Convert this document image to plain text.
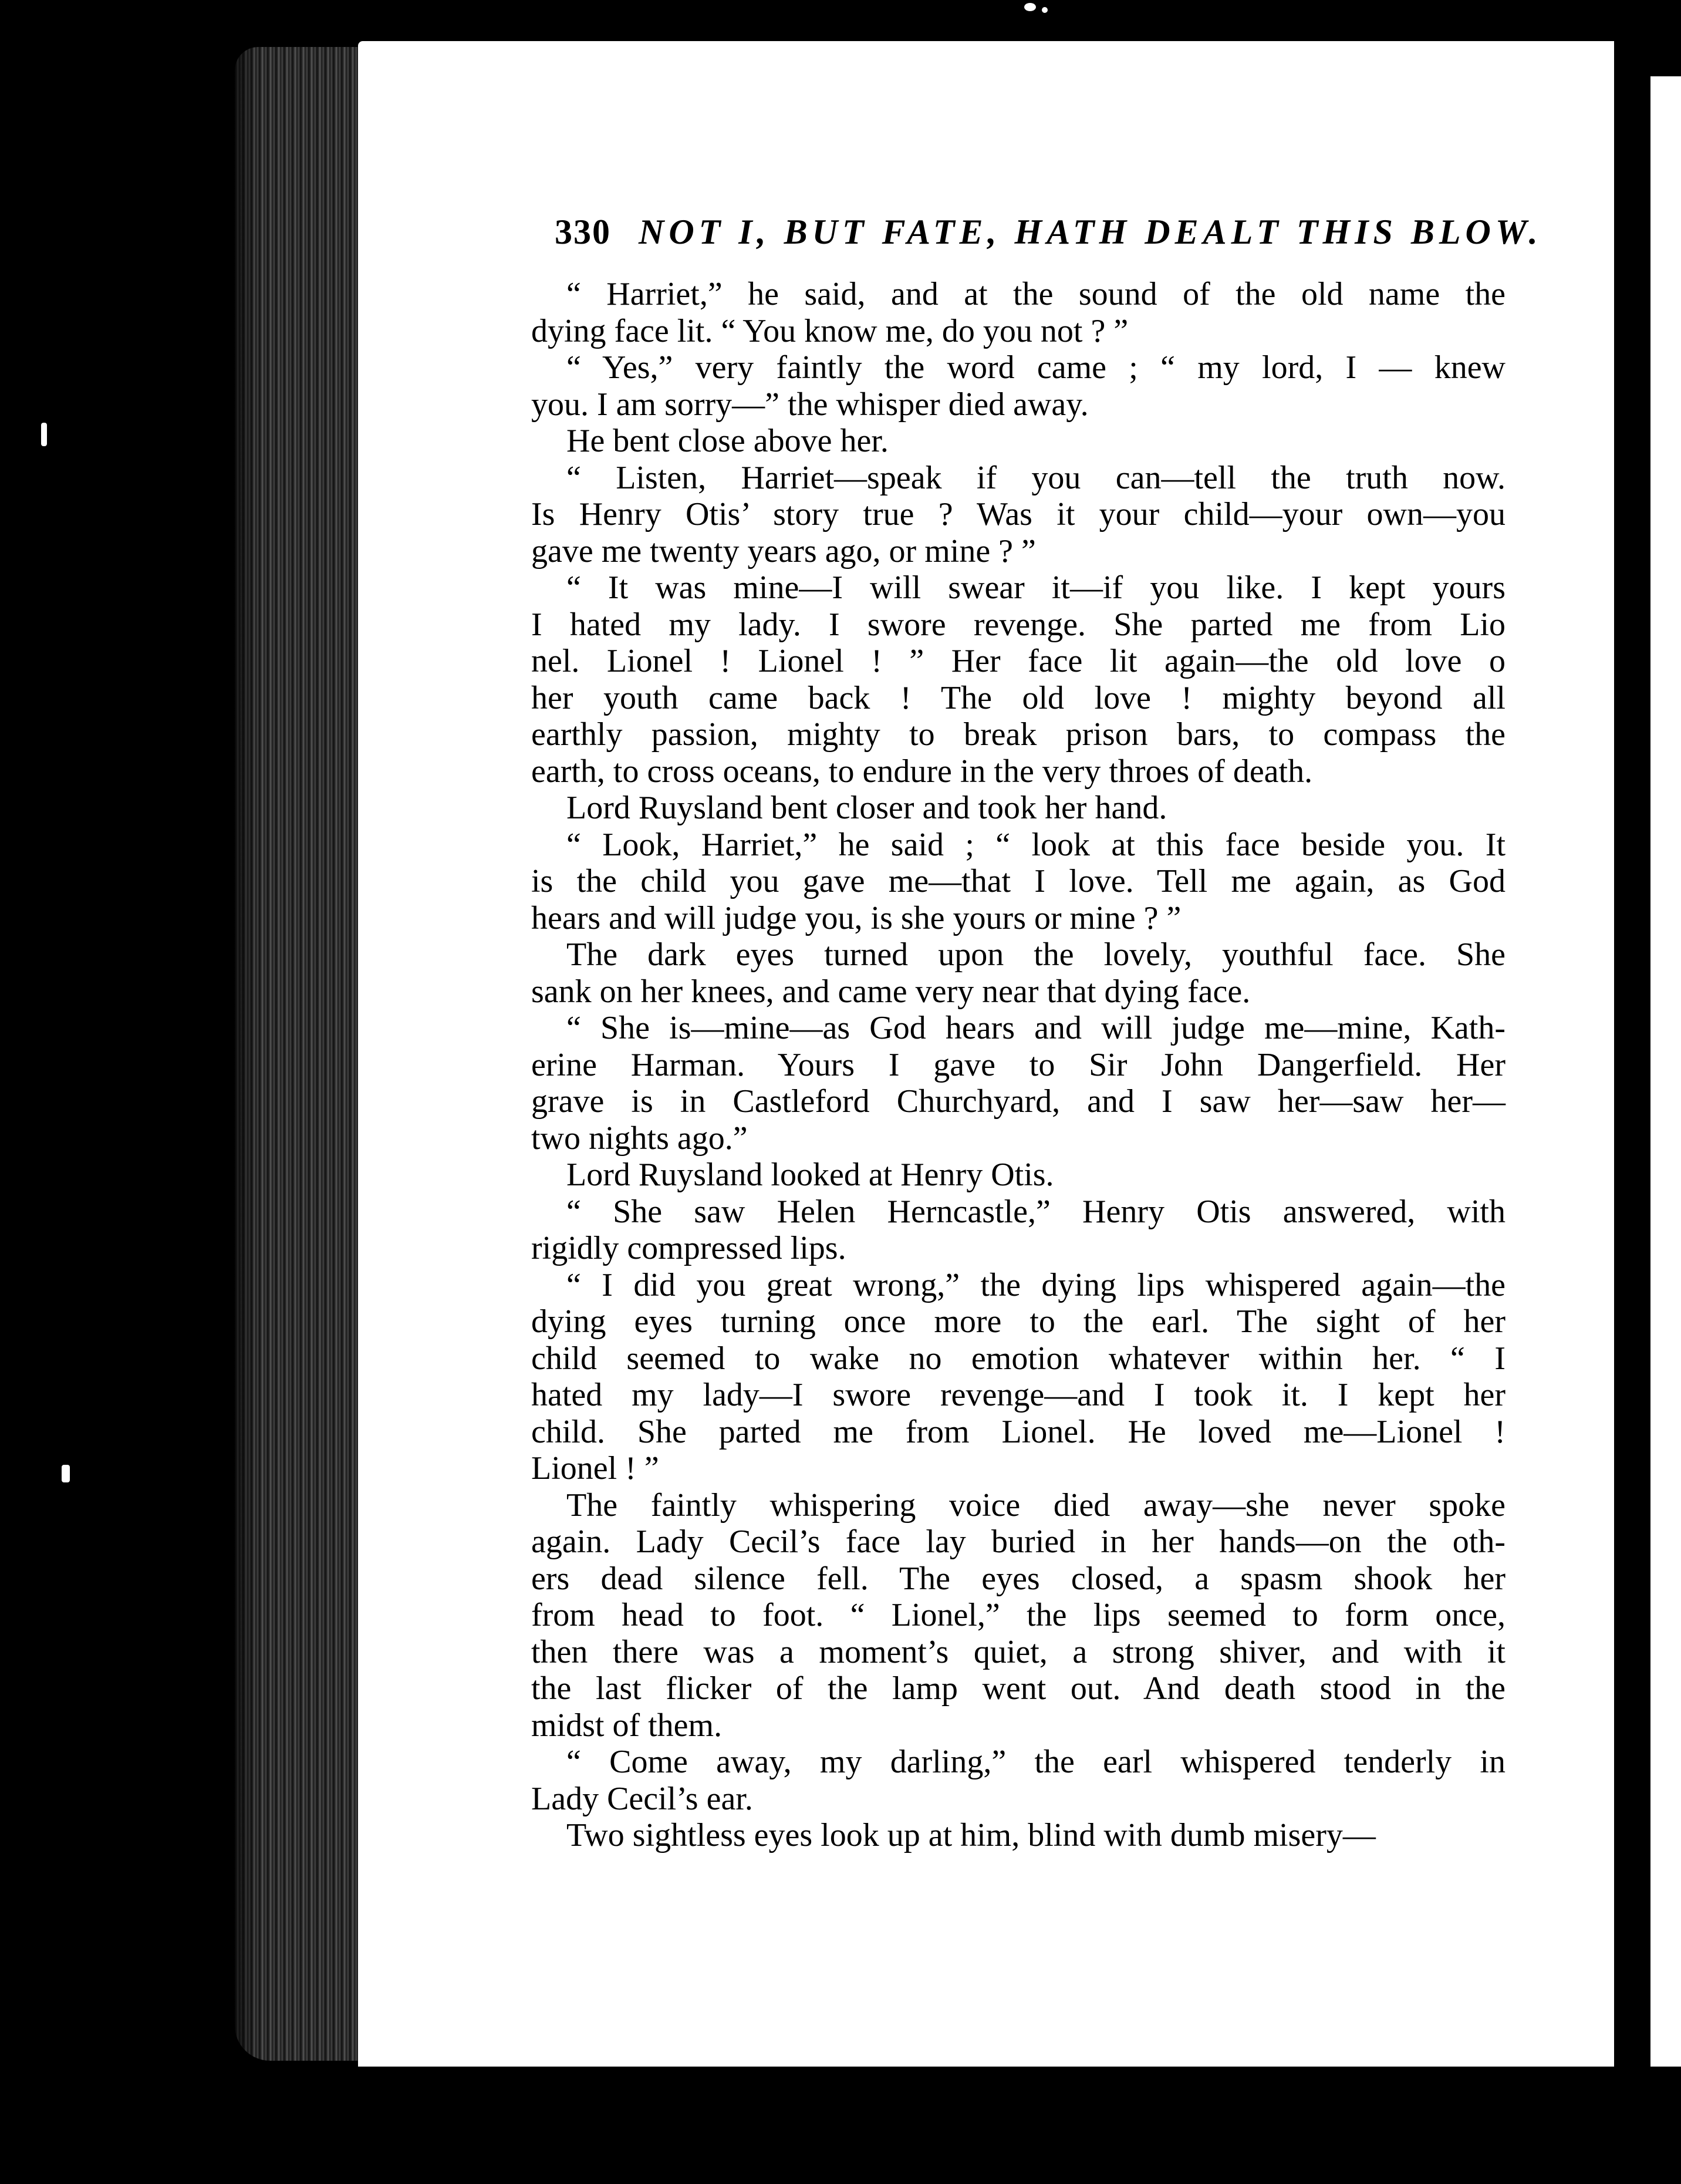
330 NOT I, BUT FATE, HATH DEALT THIS BLOW.
“ Harriet,” he said, and at the sound of the old name the
dying face lit. “ You know me, do you not ? ”
“ Yes,” very faintly the word came ; “ my lord, I — knew
you. I am sorry—” the whisper died away.
He bent close above her.
“ Listen, Harriet—speak if you can—tell the truth now.
Is Henry Otis’ story true ? Was it your child—your own—you
gave me twenty years ago, or mine ? ”
“ It was mine—I will swear it—if you like. I kept yours
I hated my lady. I swore revenge. She parted me from Lio
nel. Lionel ! Lionel ! ” Her face lit again—the old love o
her youth came back ! The old love ! mighty beyond all
earthly passion, mighty to break prison bars, to compass the
earth, to cross oceans, to endure in the very throes of death.
Lord Ruysland bent closer and took her hand.
“ Look, Harriet,” he said ; “ look at this face beside you. It
is the child you gave me—that I love. Tell me again, as God
hears and will judge you, is she yours or mine ? ”
The dark eyes turned upon the lovely, youthful face. She
sank on her knees, and came very near that dying face.
“ She is—mine—as God hears and will judge me—mine, Kath-
erine Harman. Yours I gave to Sir John Dangerfield. Her
grave is in Castleford Churchyard, and I saw her—saw her—
two nights ago.”
Lord Ruysland looked at Henry Otis.
“ She saw Helen Herncastle,” Henry Otis answered, with
rigidly compressed lips.
“ I did you great wrong,” the dying lips whispered again—the
dying eyes turning once more to the earl. The sight of her
child seemed to wake no emotion whatever within her. “ I
hated my lady—I swore revenge—and I took it. I kept her
child. She parted me from Lionel. He loved me—Lionel !
Lionel ! ”
The faintly whispering voice died away—she never spoke
again. Lady Cecil’s face lay buried in her hands—on the oth-
ers dead silence fell. The eyes closed, a spasm shook her
from head to foot. “ Lionel,” the lips seemed to form once,
then there was a moment’s quiet, a strong shiver, and with it
the last flicker of the lamp went out. And death stood in the
midst of them.
“ Come away, my darling,” the earl whispered tenderly in
Lady Cecil’s ear.
Two sightless eyes look up at him, blind with dumb misery—
